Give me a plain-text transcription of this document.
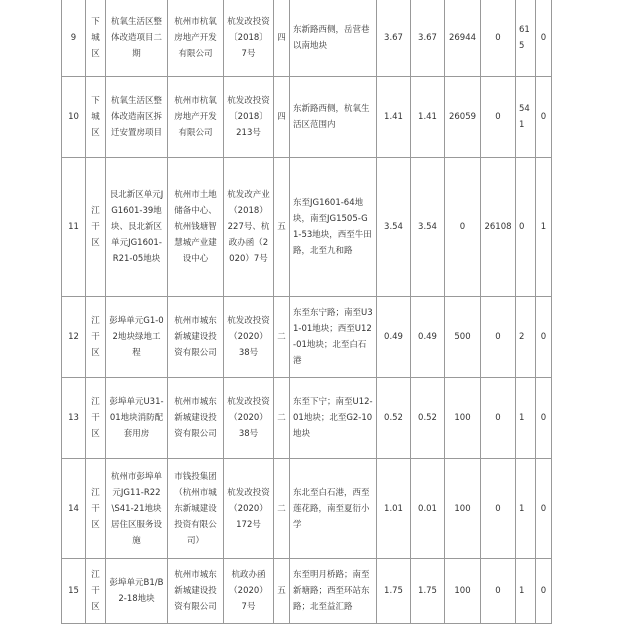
9	下城区	杭氧生活区整体改造项目二期	杭州市杭氧房地产开发有限公司	杭发改投资〔2018〕7号	四	东新路西侧，岳营巷以南地块	3.67	3.67	26944	0	615	0
10	下城区	杭氧生活区整体改造南区拆迁安置房项目	杭州市杭氧房地产开发有限公司	杭发改投资〔2018〕213号	四	东新路西侧，杭氧生活区范围内	1.41	1.41	26059	0	541	0
11	江干区	艮北新区单元JG1601-39地块、艮北新区单元JG1601-R21-05地块	杭州市土地储备中心、杭州钱塘智慧城产业建设中心	杭发改产业（2018）227号、杭政办函（2020）7号	五	东至JG1601-64地块，南至JG1505-G1-53地块，西至牛田路，北至九和路	3.54	3.54	0	26108	0	1
12	江干区	彭埠单元G1-02地块绿地工程	杭州市城东新城建设投资有限公司	杭发改投资（2020）38号	二	东至东宁路；南至U31-01地块；西至U12-01地块；北至白石港	0.49	0.49	500	0	2	0
13	江干区	彭埠单元U31-01地块消防配套用房	杭州市城东新城建设投资有限公司	杭发改投资（2020）38号	二	东至下宁；南至U12-01地块；北至G2-10地块	0.52	0.52	100	0	1	0
14	江干区	杭州市彭埠单元JG11-R22\S41-21地块居住区服务设施	市钱投集团（杭州市城东新城建设投资有限公司）	杭发改投资（2020）172号	二	东北至白石港，西至莲花路，南至夏衍小学	1.01	0.01	100	0	1	0
15	江干区	彭埠单元B1/B2-18地块	杭州市城东新城建设投资有限公司	杭政办函（2020）7号	五	东至明月桥路；南至新塘路；西至环站东路；北至益汇路	1.75	1.75	100	0	1	0
